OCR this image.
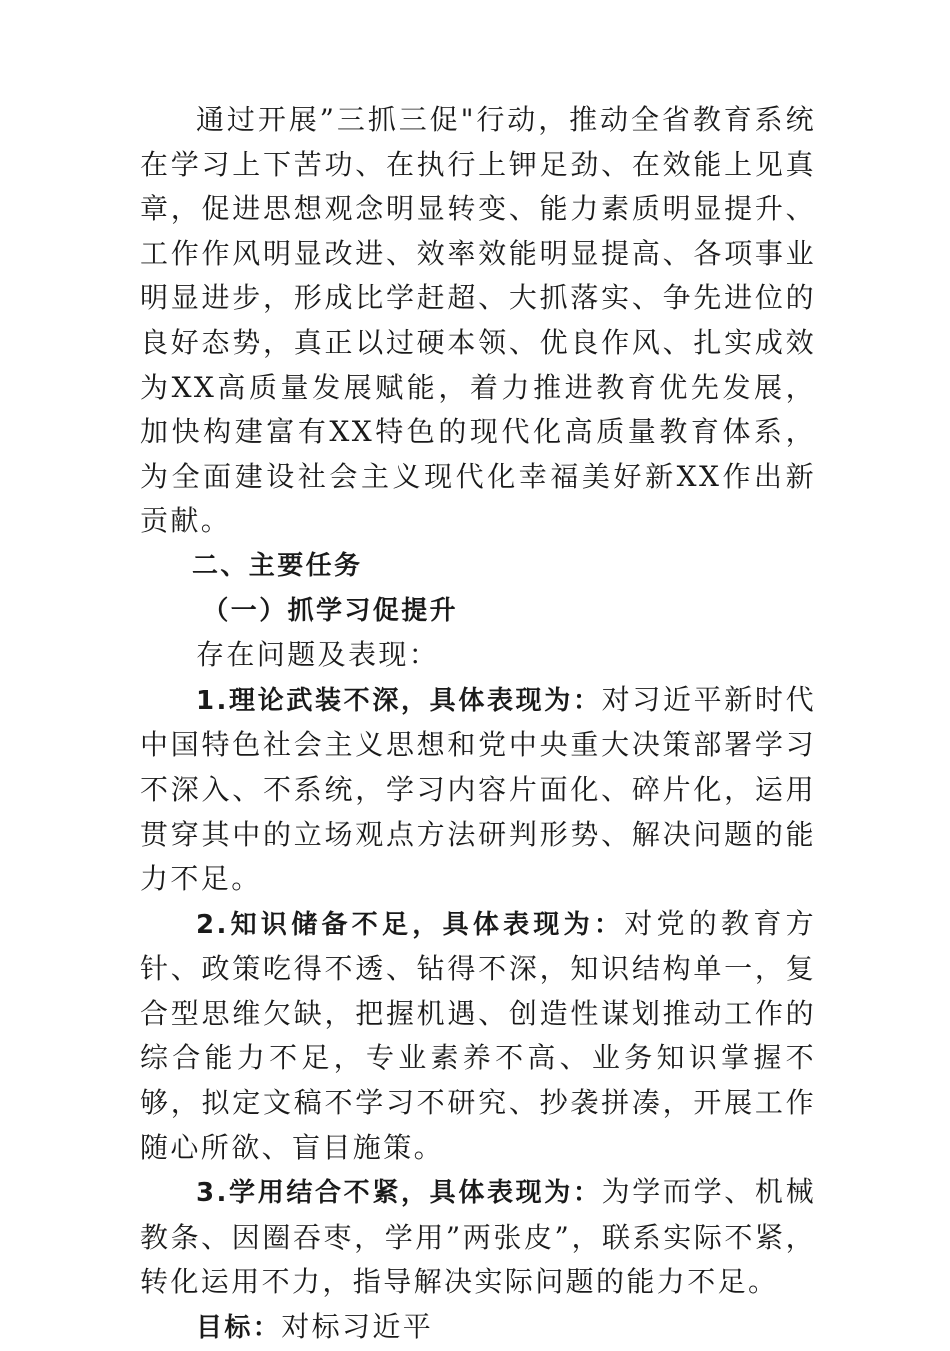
通过开展”三抓三促"行动，推动全省教育系统在学习上下苦功、在执行上钾足劲、在效能上见真章，促进思想观念明显转变、能力素质明显提升、工作作风明显改进、效率效能明显提高、各项事业明显进步，形成比学赶超、大抓落实、争先进位的良好态势，真正以过硬本领、优良作风、扎实成效为XX高质量发展赋能，着力推进教育优先发展，加快构建富有XX特色的现代化高质量教育体系，为全面建设社会主义现代化幸福美好新XX作出新贡献。

二、主要任务

（一）抓学习促提升

存在问题及表现：

1.理论武装不深，具体表现为：对习近平新时代中国特色社会主义思想和党中央重大决策部署学习不深入、不系统，学习内容片面化、碎片化，运用贯穿其中的立场观点方法研判形势、解决问题的能力不足。

2.知识储备不足，具体表现为：对党的教育方针、政策吃得不透、钻得不深，知识结构单一，复合型思维欠缺，把握机遇、创造性谋划推动工作的综合能力不足，专业素养不高、业务知识掌握不够，拟定文稿不学习不研究、抄袭拼凑，开展工作随心所欲、盲目施策。

3.学用结合不紧，具体表现为：为学而学、机械教条、因圈吞枣，学用”两张皮”，联系实际不紧，转化运用不力，指导解决实际问题的能力不足。

目标：对标习近平
